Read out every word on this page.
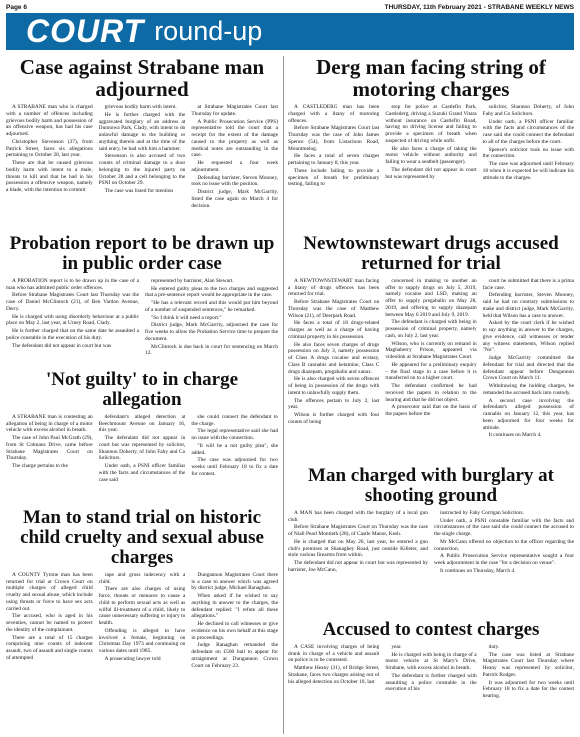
Page 6	THURSDAY, 11th February 2021 - STRABANE WEEKLY NEWS
COURT round-up
Case against Strabane man adjourned

A STRABANE man who is charged with a number of offences including grievous bodily harm and possession of an offensive weapon, has had his case adjourned.

Christopher Stevenson (37), from Patrick Street, faces six allegations pertaining to October 28, last year.

These are that he caused grievous bodily harm with intent to a male, threats to kill and that he had in his possession a offensive weapon, namely a blade, with the intention to commit

grievous bodily harm with intent.

He is further charged with the aggravated burglary of an address at Dunnowa Park, Clady, with intent to do unlawful damage to the building or anything therein and at the time of the said entry, he had with him a hammer.

Stevenson is also accused of two counts of criminal damage to a door belonging to the injured party on October 28 and a cell belonging to the PSNI on October 29.

The case was listed for mention

at Strabane Magistrates Court last Thursday for update.

A Public Prosecution Service (PPS) representative told the court that a receipt for the extent of the damage caused to the property as well as medical notes are outstanding in the case.

He requested a four week adjournment.

Defending barrister, Steven Mooney, took no issue with the position.

District judge, Mark McGarrity, listed the case again on March 4 for decision.

Derg man facing string of motoring charges

A CASTLEDERG man has been charged with a litany of motoring offences.

Before Strabane Magistrates Court last Thursday was the case of John James Spence (54), from Listacloon Road, Mountmelog.

He faces a total of seven charges pertaining to January 8, this year.

These include failing to provide a specimen of breath for preliminary testing, failing to

stop for police at Castlefin Park, Castlederg, driving a Suzuki Grand Vitara without insurance on Castlefin Road, having no driving license and failing to provide a specimen of breath when suspected of driving while unfit.

He also faces a charge of taking the motor vehicle without authority and failing to wear a seatbelt (passenger).

The defendant did not appear in court but was represented by

solicitor, Shannon Doherty, of John Fahy and Co Solicitors.

Under oath, a PSNI officer familiar with the facts and circumstances of the case said she could connect the defendant to all of the charges before the court.

Spence's solicitor took no issue with the connection.

The case was adjourned until February 18 when it is expected he will indicate his attitude to the charges.

Probation report to be drawn up in public order case

A PROBATION report is to be drawn up in the case of a man who has admitted public order offences.

Before Strabane Magistrates Court last Thursday was the case of Daniel McClintock (21), of Ben Vardon Avenue, Derry.

He is charged with using disorderly behaviour at a public place on May 2, last year, at Urney Road, Clady.

He is further charged that on the same date he assaulted a police constable in the execution of his duty.

The defendant did not appear in court but was

represented by barrister, Alan Stewart.

He entered guilty pleas to the two charges and suggested that a pre-sentence report would be appropriate in the case.

"He has a relevant record and this would put him beyond of a number of suspended sentences," he remarked.

"So I think it will need a report."

District judge, Mark McGarrity, adjourned the case for five weeks to allow the Probation Service time to prepare the document.

McClintock is due back in court for sentencing on March 12.

Newtownstewart drugs accused returned for trial

A NEWTOWNSTEWART man facing a litany of drugs offences has been returned for trial.

Before Strabane Magistrates Court on Thursday was the case of Matthew Wilson (21), of Deerpark Road.

He faces a total of 18 drugs-related charges as well as a charge of having criminal property in his possession.

He also faces seven charges of drugs possession on July 3, namely possession of Class A drugs cocaine and ecstasy, Class B cannabis and ketamine, Class C drugs diazepam, pregabalin and xanax.

He is also charged with seven offences of being in possession of the drugs with intent to unlawfully supply them.

The offences pertain to July 2, last year.

Wilson is further charged with four counts of being

concerned in making to another an offer to supply drugs on July 5, 2019, namely cocaine and LSD, making an offer to supply pregabalin on May 28, 2019, and offering to supply diazepam between May 6 2019 and July 9, 2019.

The defendant is charged with being in possession of criminal property, namely cash, on July 2, last year.

Wilson, who is currently on remand in Maghaberry Prison, appeared via videolink at Strabane Magistrates Court.

He appeared for a preliminary enquiry – the final stage in a case before it is transferred on to a higher court.

The defendant confirmed he had received the papers in relation to the hearing and that he did not object.

A prosecutor said that on the basis of the papers before the

court he submitted that there is a prima facie case.

Defending barrister, Steven Mooney, said he had no contrary submissions to make and district judge, Mark McGarrity, held that Wilson has a case to answer.

Asked by the court clerk if he wished to say anything in answer to the charges, give evidence, call witnesses or tender any witness statements, Wilson replied "No".

Judge McGarrity committed the defendant for trial and directed that the defendant appear before Dungannon Crown Court on March 11.

Withdrawing the holding charges, he remanded the accused back into custody.

A second case involving the defendant's alleged possession of cannabis on January 12, this year, has been adjourned for four weeks for attitude.

It continues on March 4.

'Not guilty' to in charge allegation

A STRABANE man is contesting an allegation of being in charge of a motor vehicle with excess alcohol in breath.

The case of John Paul McGrath (29), from St Colmans Drive, came before Strabane Magistrates Court on Thursday.

The charge pertains to the

defendant's alleged detection at Beechmount Avenue on January 16, this year.

The defendant did not appear in court but was represented by solicitor, Shannon Doherty, of John Fahy and Co Solicitors.

Under oath, a PSNI officer familiar with the facts and circumstances of the case said

she could connect the defendant to the charge.

The legal representative said she had no issue with the connection.

"It will be a not guilty plea", she added.

The case was adjourned for two weeks until February 18 to fix a date for contest.	Man charged with burglary at shooting ground

A MAN has been charged with the burglary of a local gun club.

Before Strabane Magistrates Court on Thursday was the case of Niall Pearl Montieth (28), of Castle Manor, Kesh.

He is charged that on May 26, last year, he entered a gun club's premises at Shanaghey Road, just outside Killeter, and stole various firearms from within.

The defendant did not appear in court but was represented by barrister, Joe McCann,

instructed by Fahy Corrigan Solicitors.

Under oath, a PSNI constable familiar with the facts and circumstances of the case said she could connect the accused to the single charge.

Mr McCann offered no objection to the officer regarding the connection.

A Public Prosecution Service representative sought a four week adjournment in the case "for a decision on venue".

It continues on Thursday, March 4.

Man to stand trial on historic child cruelty and sexual abuse charges

A COUNTY Tyrone man has been returned for trial at Crown Court on multiple charges of alleged child cruelty and sexual abuse, which include using threats or force to have sex acts carried out.

The accused, who is aged in his seventies, cannot be named to protect the identity of the complainant.

There are a total of 15 charges comprising nine counts of indecent assault, two of assault and single counts of attempted

rape and gross indecency with a child.

There are also charges of using force, threats or menaces to cause a child to perform sexual acts as well as wilful ill-treatment of a child, likely to cause unnecessary suffering or injury to health.

Offending is alleged to have involved a female, beginning on Christmas Day 1973 and continuing on various dates until 1985.

A prosecuting lawyer told

Dungannon Magistrates Court there is a case to answer which was agreed by district judge, Michael Ranaghan.

When asked if he wished to say anything in answer to the charges, the defendant replied: "I refute all these allegations."

He declined to call witnesses or give evidence on his own behalf at this stage in proceedings.

Judge Ranaghan remanded the defendant on £500 bail to appear for arraignment at Dungannon Crown Court on February 23.

Accused to contest charges

A CASE involving charges of being drunk in charge of a vehicle and assault on police is to be contested.

Matthew Heany (31), of Bridge Street, Strabane, faces two charges arising out of his alleged detection on October 10, last

year.

He is charged with being in charge of a motor vehicle at St Mary's Drive, Strabane, with excess alcohol in breath.

The defendant is further charged with assaulting a police constable in the execution of his

duty.

The case was listed at Strabane Magistrates Court last Thursday where Heany was represented by solicitor, Patrick Rodger.

It was adjourned for two weeks until February 18 to fix a date for the contest hearing.
